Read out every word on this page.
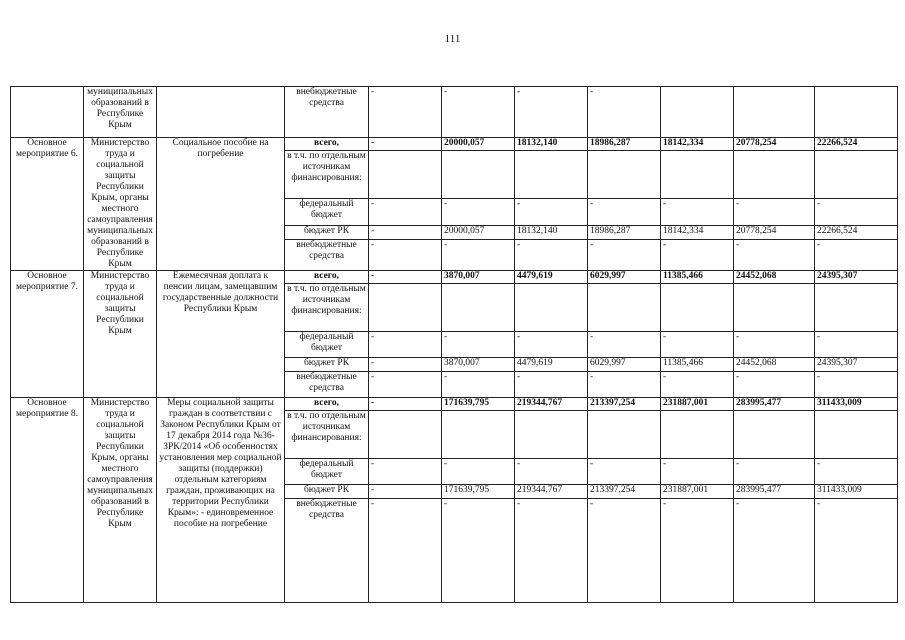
111
	муниципальных образований в Республике Крым		внебюджетные средства	-	-	-	-			
Основное мероприятие 6.	Министерство труда и социальной защиты Республики Крым, органы местного самоуправления муниципальных образований в Республике Крым	Социальное пособие на погребение	всего,	-	20000,057	18132,140	18986,287	18142,334	20778,254	22266,524
			в т.ч. по отдельным источникам финансирования:							
			федеральный бюджет	-	-	-	-	-	-	-
			бюджет РК	-	20000,057	18132,140	18986,287	18142,334	20778,254	22266,524
			внебюджетные средства	-	-	-	-	-	-	-
Основное мероприятие 7.	Министерство труда и социальной защиты Республики Крым	Ежемесячная доплата к пенсии лицам, замещавшим государственные должности Республики Крым	всего,	-	3870,007	4479,619	6029,997	11385,466	24452,068	24395,307
			в т.ч. по отдельным источникам финансирования:							
			федеральный бюджет	-	-	-	-	-	-	-
			бюджет РК	-	3870,007	4479,619	6029,997	11385,466	24452,068	24395,307
			внебюджетные средства	-	-	-	-	-	-	-
Основное мероприятие 8.	Министерство труда и социальной защиты Республики Крым, органы местного самоуправления муниципальных образований в Республике Крым	Меры социальной защиты граждан в соответствии с Законом Республики Крым от 17 декабря 2014 года №36-ЗРК/2014 «Об особенностях установления мер социальной защиты (поддержки) отдельным категориям граждан, проживающих на территории Республики Крым»: - единовременное пособие на погребение	всего,	-	171639,795	219344,767	213397,254	231887,001	283995,477	311433,009
			в т.ч. по отдельным источникам финансирования:							
			федеральный бюджет	-	-	-	-	-	-	-
			бюджет РК	-	171639,795	219344,767	213397,254	231887,001	283995,477	311433,009
			внебюджетные средства	-	-	-	-	-	-	-
